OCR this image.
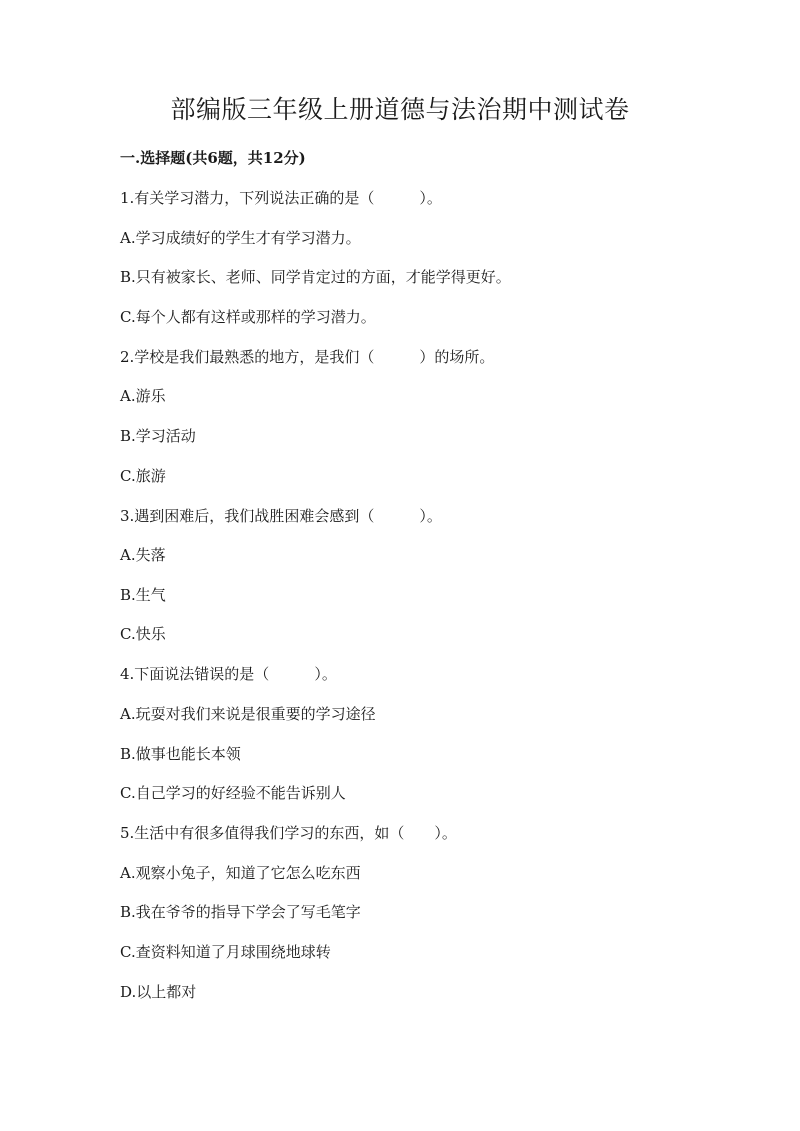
部编版三年级上册道德与法治期中测试卷
一.选择题(共6题，共12分)
1.有关学习潜力，下列说法正确的是（　　　）。
A.学习成绩好的学生才有学习潜力。
B.只有被家长、老师、同学肯定过的方面，才能学得更好。
C.每个人都有这样或那样的学习潜力。
2.学校是我们最熟悉的地方，是我们（　　　）的场所。
A.游乐
B.学习活动
C.旅游
3.遇到困难后，我们战胜困难会感到（　　　）。
A.失落
B.生气
C.快乐
4.下面说法错误的是（　　　）。
A.玩耍对我们来说是很重要的学习途径
B.做事也能长本领
C.自己学习的好经验不能告诉别人
5.生活中有很多值得我们学习的东西，如（　　）。
A.观察小兔子，知道了它怎么吃东西
B.我在爷爷的指导下学会了写毛笔字
C.查资料知道了月球围绕地球转
D.以上都对
